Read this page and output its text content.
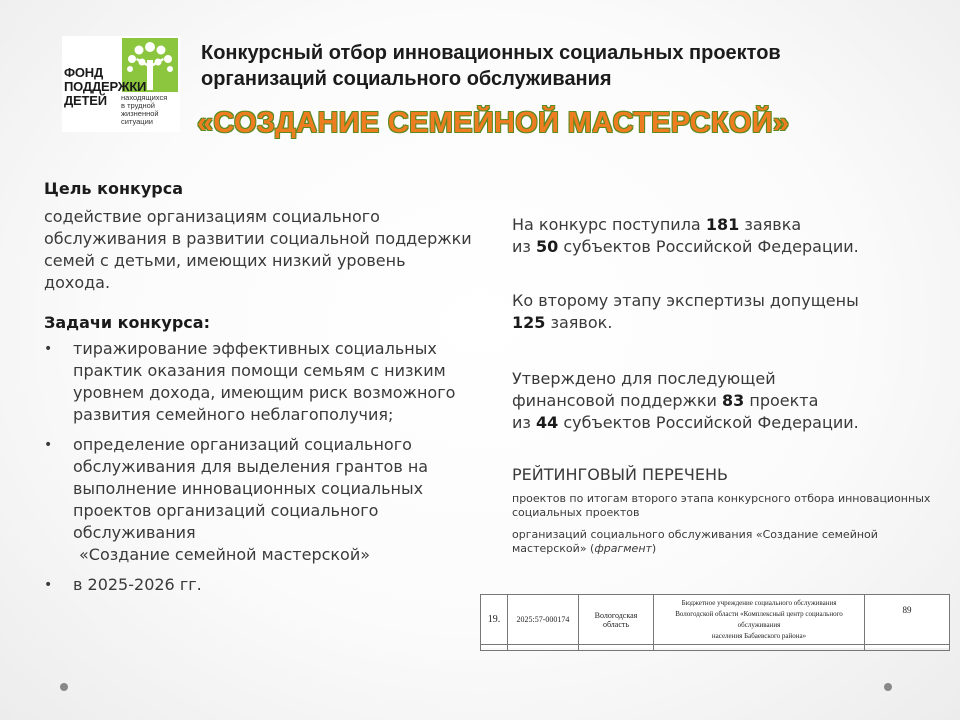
ФОНД
ПОДДЕРЖКИ
ДЕТЕЙ	находящихся
в трудной
жизненной
ситуации
Конкурсный отбор инновационных социальных проектов
организаций социального обслуживания
«СОЗДАНИЕ СЕМЕЙНОЙ МАСТЕРСКОЙ»
Цель конкурса
содействие организациям социального обслуживания в развитии социальной поддержки семей с детьми, имеющих низкий уровень дохода.
Задачи конкурса:
• тиражирование эффективных социальных практик оказания помощи семьям с низким уровнем дохода, имеющим риск возможного развития семейного неблагополучия;
• определение организаций социального обслуживания для выделения грантов на выполнение инновационных социальных проектов организаций социального обслуживания
«Создание семейной мастерской»
• в 2025-2026 гг.
На конкурс поступила 181 заявка
из 50 субъектов Российской Федерации.
Ко второму этапу экспертизы допущены
125 заявок.
Утверждено для последующей
финансовой поддержки 83 проекта
из 44 субъектов Российской Федерации.
РЕЙТИНГОВЫЙ ПЕРЕЧЕНЬ
проектов по итогам второго этапа конкурсного отбора инновационных социальных проектов
организаций социального обслуживания «Создание семейной мастерской» (фрагмент)
19.	2025:57-000174	Вологодская область	Бюджетное учреждение социального обслуживания
Вологодской области «Комплексный центр социального обслуживания
населения Бабаевского района»	89
